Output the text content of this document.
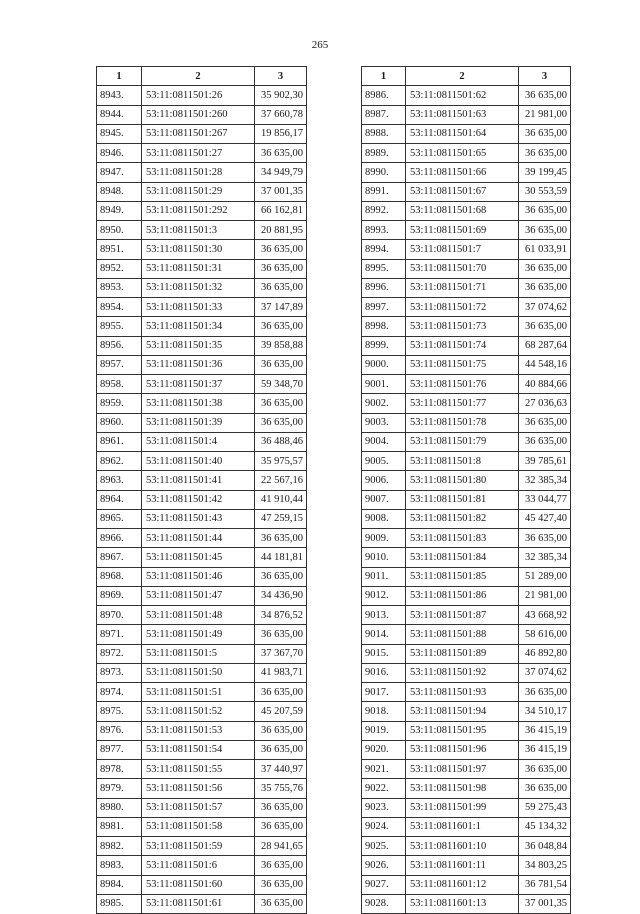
265
1	2	3
8943.	53:11:0811501:26	35 902,30
8944.	53:11:0811501:260	37 660,78
8945.	53:11:0811501:267	19 856,17
8946.	53:11:0811501:27	36 635,00
8947.	53:11:0811501:28	34 949,79
8948.	53:11:0811501:29	37 001,35
8949.	53:11:0811501:292	66 162,81
8950.	53:11:0811501:3	20 881,95
8951.	53:11:0811501:30	36 635,00
8952.	53:11:0811501:31	36 635,00
8953.	53:11:0811501:32	36 635,00
8954.	53:11:0811501:33	37 147,89
8955.	53:11:0811501:34	36 635,00
8956.	53:11:0811501:35	39 858,88
8957.	53:11:0811501:36	36 635,00
8958.	53:11:0811501:37	59 348,70
8959.	53:11:0811501:38	36 635,00
8960.	53:11:0811501:39	36 635,00
8961.	53:11:0811501:4	36 488,46
8962.	53:11:0811501:40	35 975,57
8963.	53:11:0811501:41	22 567,16
8964.	53:11:0811501:42	41 910,44
8965.	53:11:0811501:43	47 259,15
8966.	53:11:0811501:44	36 635,00
8967.	53:11:0811501:45	44 181,81
8968.	53:11:0811501:46	36 635,00
8969.	53:11:0811501:47	34 436,90
8970.	53:11:0811501:48	34 876,52
8971.	53:11:0811501:49	36 635,00
8972.	53:11:0811501:5	37 367,70
8973.	53:11:0811501:50	41 983,71
8974.	53:11:0811501:51	36 635,00
8975.	53:11:0811501:52	45 207,59
8976.	53:11:0811501:53	36 635,00
8977.	53:11:0811501:54	36 635,00
8978.	53:11:0811501:55	37 440,97
8979.	53:11:0811501:56	35 755,76
8980.	53:11:0811501:57	36 635,00
8981.	53:11:0811501:58	36 635,00
8982.	53:11:0811501:59	28 941,65
8983.	53:11:0811501:6	36 635,00
8984.	53:11:0811501:60	36 635,00
8985.	53:11:0811501:61	36 635,00
1	2	3
8986.	53:11:0811501:62	36 635,00
8987.	53:11:0811501:63	21 981,00
8988.	53:11:0811501:64	36 635,00
8989.	53:11:0811501:65	36 635,00
8990.	53:11:0811501:66	39 199,45
8991.	53:11:0811501:67	30 553,59
8992.	53:11:0811501:68	36 635,00
8993.	53:11:0811501:69	36 635,00
8994.	53:11:0811501:7	61 033,91
8995.	53:11:0811501:70	36 635,00
8996.	53:11:0811501:71	36 635,00
8997.	53:11:0811501:72	37 074,62
8998.	53:11:0811501:73	36 635,00
8999.	53:11:0811501:74	68 287,64
9000.	53:11:0811501:75	44 548,16
9001.	53:11:0811501:76	40 884,66
9002.	53:11:0811501:77	27 036,63
9003.	53:11:0811501:78	36 635,00
9004.	53:11:0811501:79	36 635,00
9005.	53:11:0811501:8	39 785,61
9006.	53:11:0811501:80	32 385,34
9007.	53:11:0811501:81	33 044,77
9008.	53:11:0811501:82	45 427,40
9009.	53:11:0811501:83	36 635,00
9010.	53:11:0811501:84	32 385,34
9011.	53:11:0811501:85	51 289,00
9012.	53:11:0811501:86	21 981,00
9013.	53:11:0811501:87	43 668,92
9014.	53:11:0811501:88	58 616,00
9015.	53:11:0811501:89	46 892,80
9016.	53:11:0811501:92	37 074,62
9017.	53:11:0811501:93	36 635,00
9018.	53:11:0811501:94	34 510,17
9019.	53:11:0811501:95	36 415,19
9020.	53:11:0811501:96	36 415,19
9021.	53:11:0811501:97	36 635,00
9022.	53:11:0811501:98	36 635,00
9023.	53:11:0811501:99	59 275,43
9024.	53:11:0811601:1	45 134,32
9025.	53:11:0811601:10	36 048,84
9026.	53:11:0811601:11	34 803,25
9027.	53:11:0811601:12	36 781,54
9028.	53:11:0811601:13	37 001,35
